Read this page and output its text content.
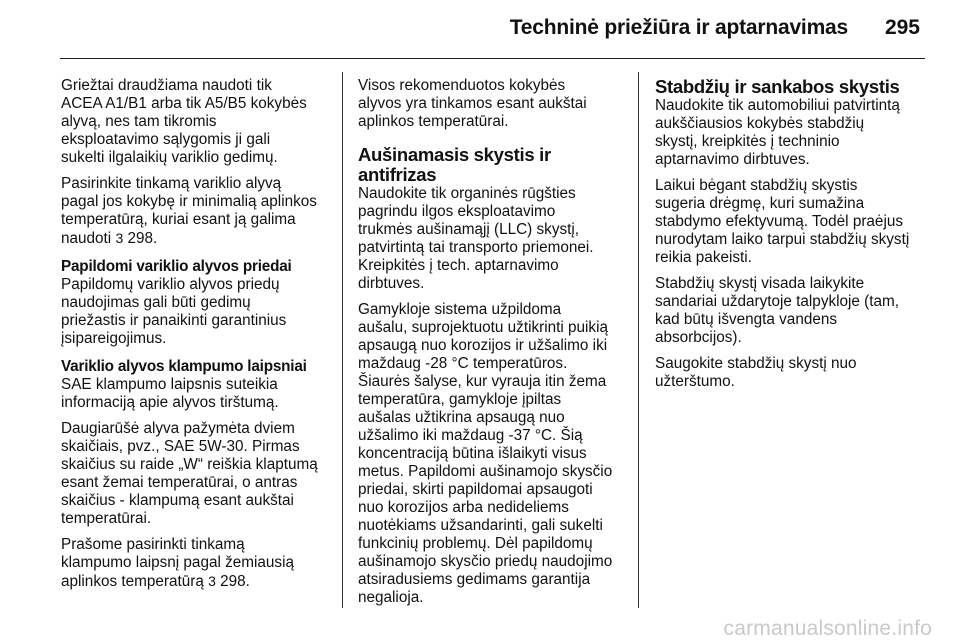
Techninė priežiūra ir aptarnavimas 295

Griežtai draudžiama naudoti tik
ACEA A1/B1 arba tik A5/B5 kokybės
alyvą, nes tam tikromis
eksploatavimo sąlygomis ji gali
sukelti ilgalaikių variklio gedimų.

Pasirinkite tinkamą variklio alyvą
pagal jos kokybę ir minimalią aplinkos
temperatūrą, kuriai esant ją galima
naudoti 3 298.

Papildomi variklio alyvos priedai

Papildomų variklio alyvos priedų
naudojimas gali būti gedimų
priežastis ir panaikinti garantinius
įsipareigojimus.

Variklio alyvos klampumo laipsniai

SAE klampumo laipsnis suteikia
informaciją apie alyvos tirštumą.

Daugiarūšė alyva pažymėta dviem
skaičiais, pvz., SAE 5W-30. Pirmas
skaičius su raide „W“ reiškia klaptumą
esant žemai temperatūrai, o antras
skaičius - klampumą esant aukštai
temperatūrai.

Prašome pasirinkti tinkamą
klampumo laipsnį pagal žemiausią
aplinkos temperatūrą 3 298.

Visos rekomenduotos kokybės
alyvos yra tinkamos esant aukštai
aplinkos temperatūrai.

Aušinamasis skystis ir antifrizas

Naudokite tik organinės rūgšties
pagrindu ilgos eksploatavimo
trukmės aušinamąjį (LLC) skystį,
patvirtintą tai transporto priemonei.
Kreipkitės į tech. aptarnavimo
dirbtuves.

Gamykloje sistema užpildoma
aušalu, suprojektuotu užtikrinti puikią
apsaugą nuo korozijos ir užšalimo iki
maždaug -28 °C temperatūros.
Šiaurės šalyse, kur vyrauja itin žema
temperatūra, gamykloje įpiltas
aušalas užtikrina apsaugą nuo
užšalimo iki maždaug -37 °C. Šią
koncentraciją būtina išlaikyti visus
metus. Papildomi aušinamojo skysčio
priedai, skirti papildomai apsaugoti
nuo korozijos arba nedideliems
nuotėkiams užsandarinti, gali sukelti
funkcinių problemų. Dėl papildomų
aušinamojo skysčio priedų naudojimo
atsiradusiems gedimams garantija
negalioja.

Stabdžių ir sankabos skystis

Naudokite tik automobiliui patvirtintą
aukščiausios kokybės stabdžių
skystį, kreipkitės į techninio
aptarnavimo dirbtuves.

Laikui bėgant stabdžių skystis
sugeria drėgmę, kuri sumažina
stabdymo efektyvumą. Todėl praėjus
nurodytam laiko tarpui stabdžių skystį
reikia pakeisti.

Stabdžių skystį visada laikykite
sandariai uždarytoje talpykloje (tam,
kad būtų išvengta vandens
absorbcijos).

Saugokite stabdžių skystį nuo
užterštumo.

carmanualsonline.info
